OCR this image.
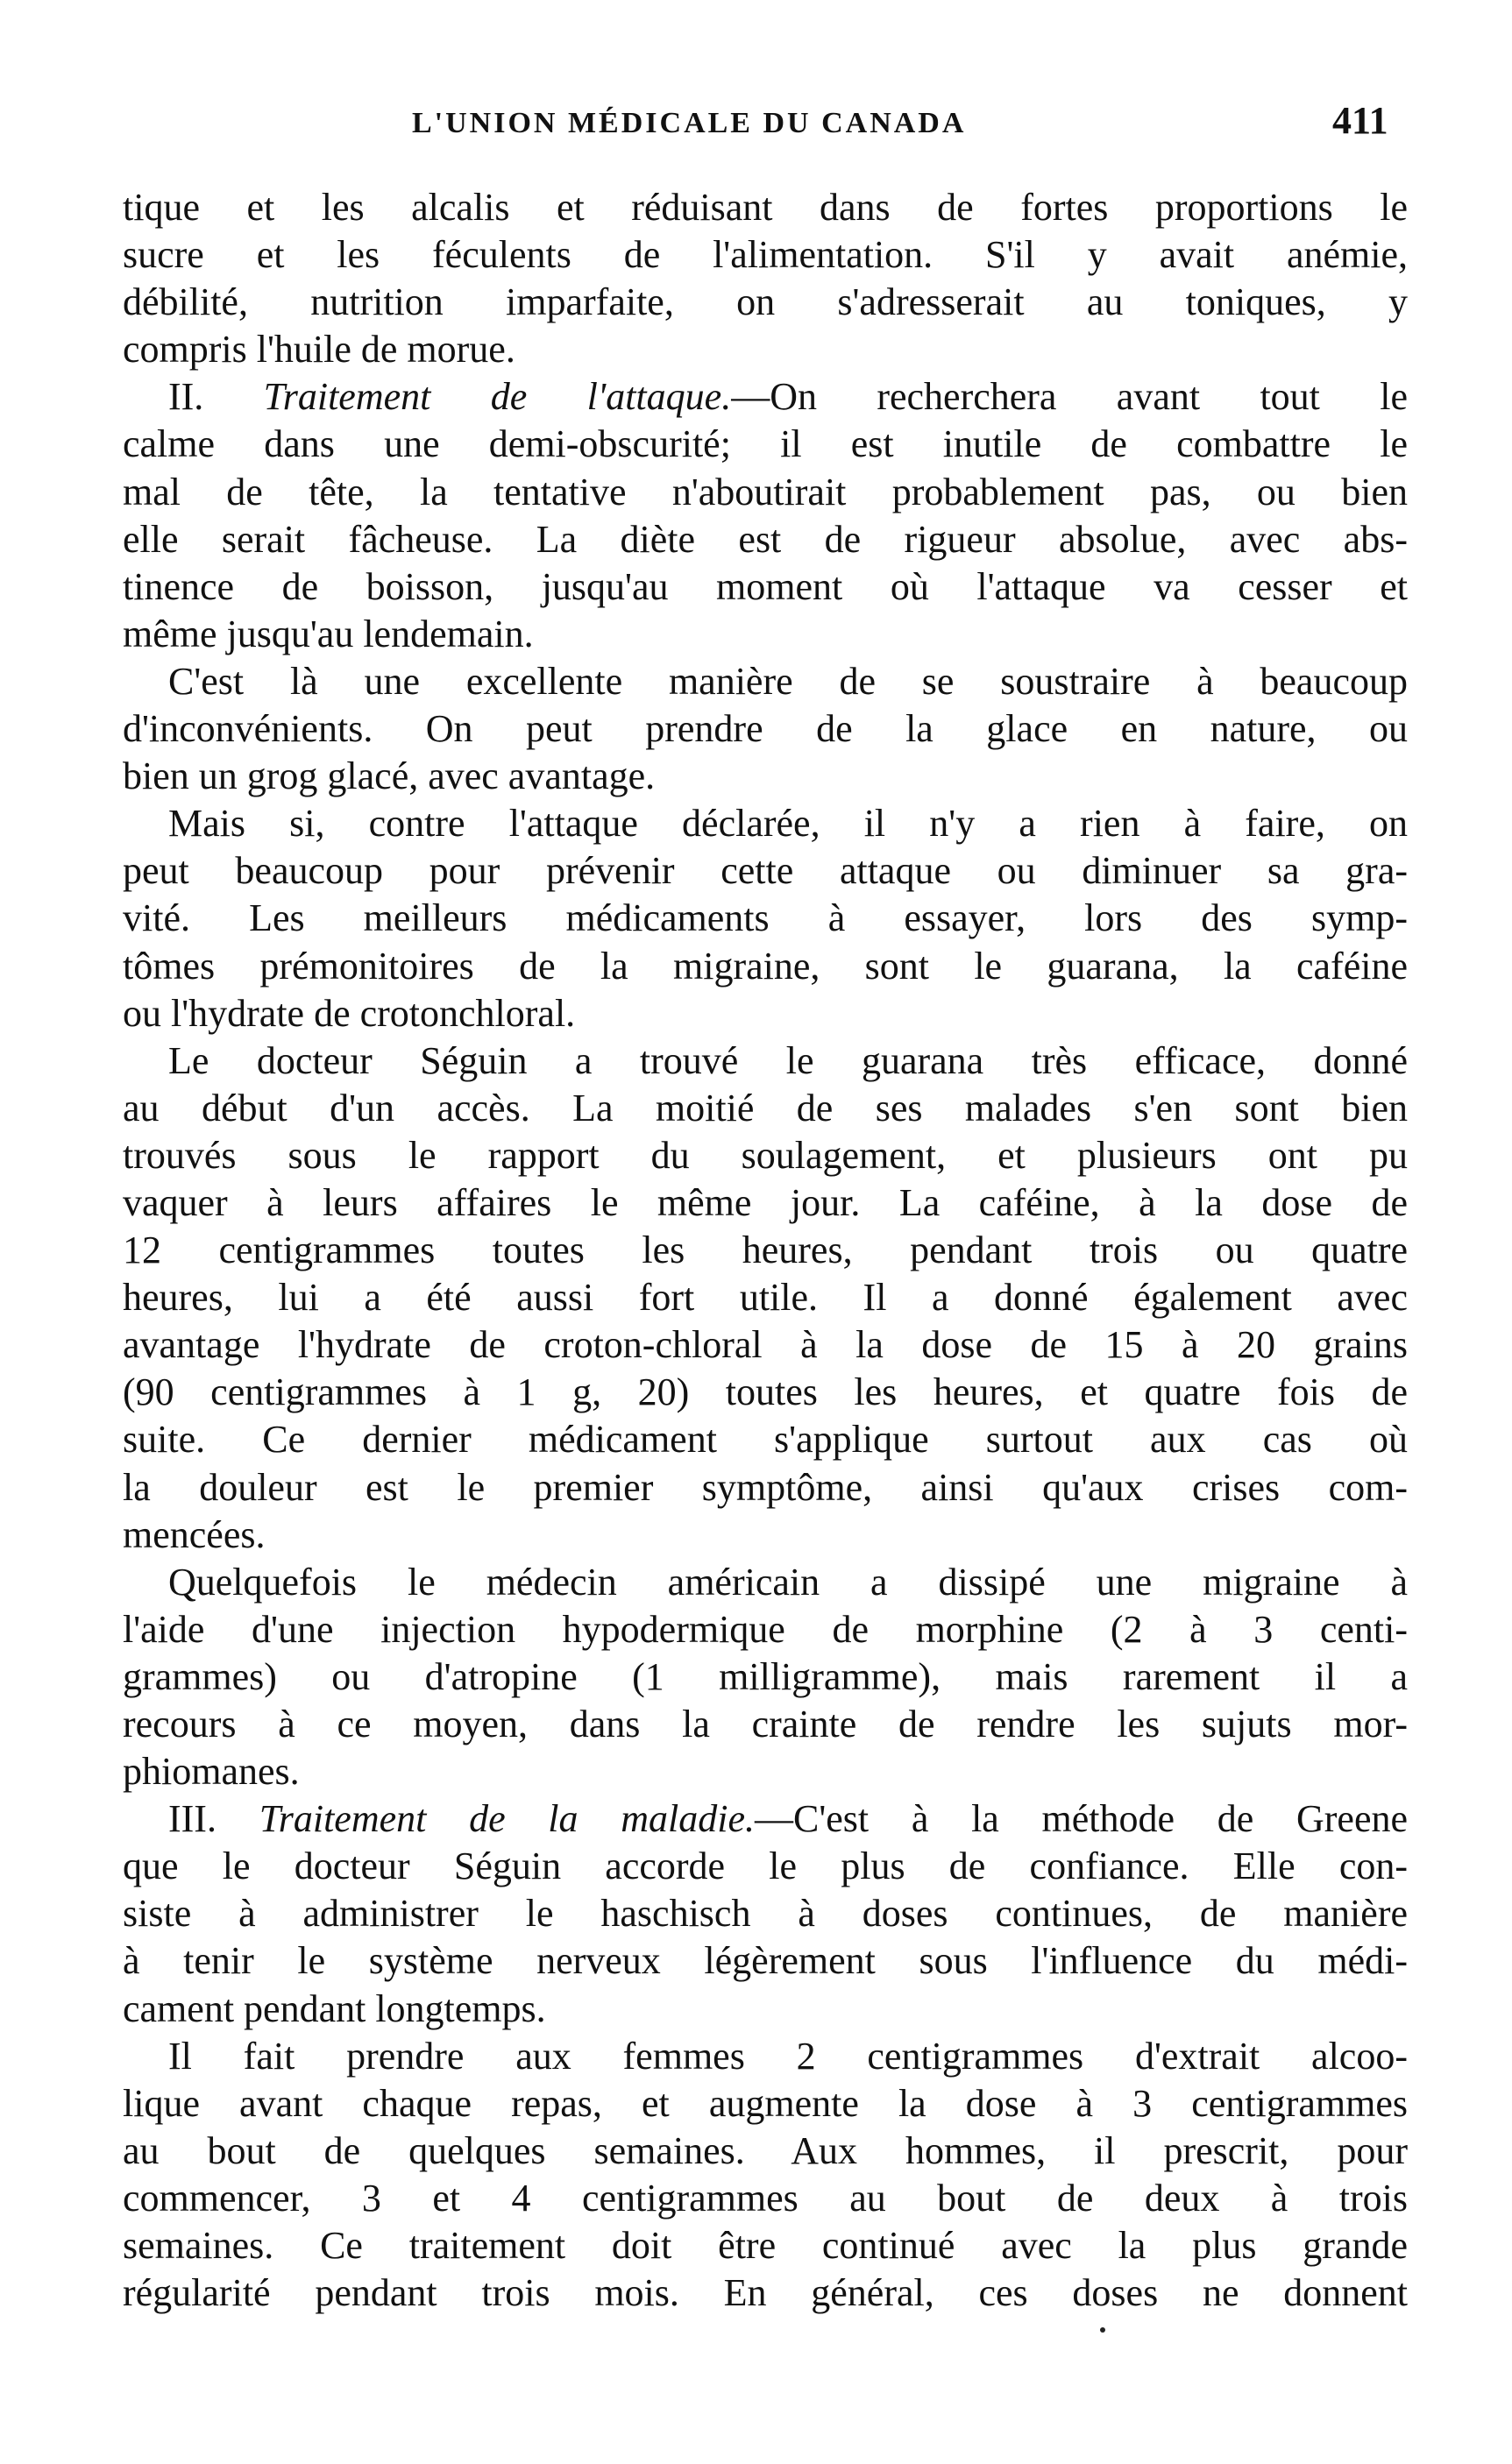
L'UNION MÉDICALE DU CANADA	411
tique et les alcalis et réduisant dans de fortes proportions le
sucre et les féculents de l'alimentation. S'il y avait anémie,
débilité, nutrition imparfaite, on s'adresserait au toniques, y
compris l'huile de morue.
II. Traitement de l'attaque.—On recherchera avant tout le
calme dans une demi-obscurité; il est inutile de combattre le
mal de tête, la tentative n'aboutirait probablement pas, ou bien
elle serait fâcheuse. La diète est de rigueur absolue, avec abs-
tinence de boisson, jusqu'au moment où l'attaque va cesser et
même jusqu'au lendemain.
C'est là une excellente manière de se soustraire à beaucoup
d'inconvénients. On peut prendre de la glace en nature, ou
bien un grog glacé, avec avantage.
Mais si, contre l'attaque déclarée, il n'y a rien à faire, on
peut beaucoup pour prévenir cette attaque ou diminuer sa gra-
vité. Les meilleurs médicaments à essayer, lors des symp-
tômes prémonitoires de la migraine, sont le guarana, la caféine
ou l'hydrate de crotonchloral.
Le docteur Séguin a trouvé le guarana très efficace, donné
au début d'un accès. La moitié de ses malades s'en sont bien
trouvés sous le rapport du soulagement, et plusieurs ont pu
vaquer à leurs affaires le même jour. La caféine, à la dose de
12 centigrammes toutes les heures, pendant trois ou quatre
heures, lui a été aussi fort utile. Il a donné également avec
avantage l'hydrate de croton-chloral à la dose de 15 à 20 grains
(90 centigrammes à 1 g, 20) toutes les heures, et quatre fois de
suite. Ce dernier médicament s'applique surtout aux cas où
la douleur est le premier symptôme, ainsi qu'aux crises com-
mencées.
Quelquefois le médecin américain a dissipé une migraine à
l'aide d'une injection hypodermique de morphine (2 à 3 centi-
grammes) ou d'atropine (1 milligramme), mais rarement il a
recours à ce moyen, dans la crainte de rendre les sujuts mor-
phiomanes.
III. Traitement de la maladie.—C'est à la méthode de Greene
que le docteur Séguin accorde le plus de confiance. Elle con-
siste à administrer le haschisch à doses continues, de manière
à tenir le système nerveux légèrement sous l'influence du médi-
cament pendant longtemps.
Il fait prendre aux femmes 2 centigrammes d'extrait alcoo-
lique avant chaque repas, et augmente la dose à 3 centigrammes
au bout de quelques semaines. Aux hommes, il prescrit, pour
commencer, 3 et 4 centigrammes au bout de deux à trois
semaines. Ce traitement doit être continué avec la plus grande
régularité pendant trois mois. En général, ces doses ne donnent
